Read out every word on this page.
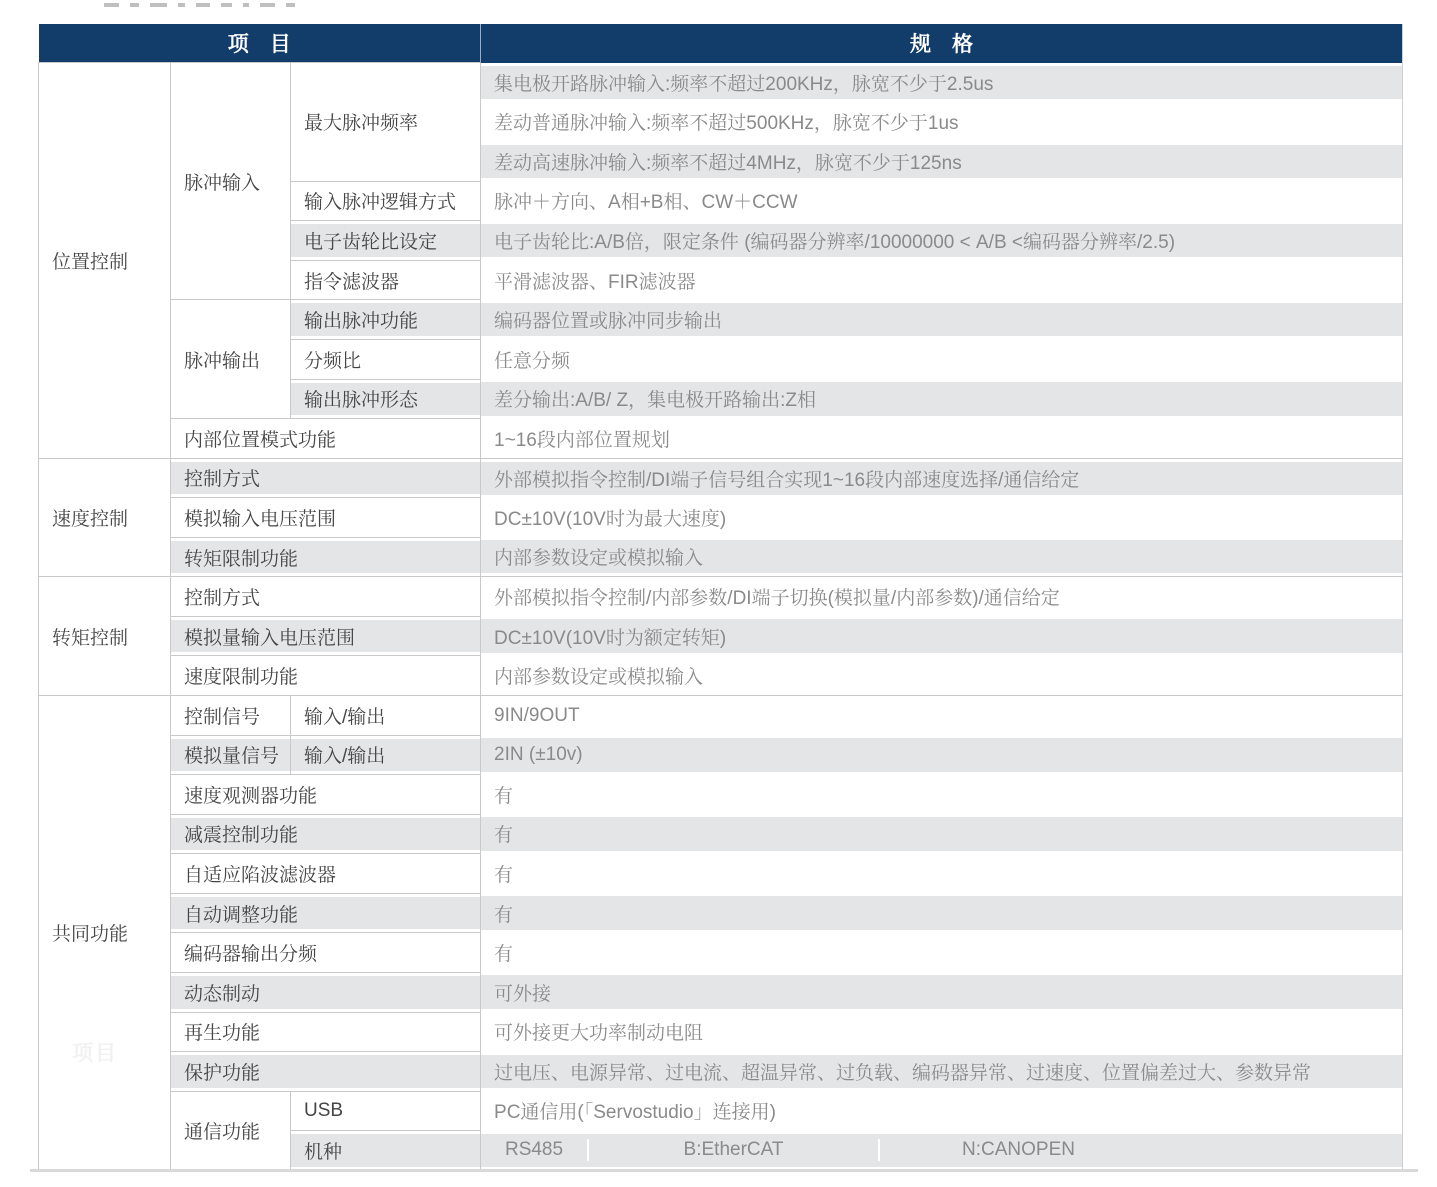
项　目			规　格
位置控制	脉冲输入	最大脉冲频率	集电极开路脉冲输入:频率不超过200KHz，脉宽不少于2.5us
			差动普通脉冲输入:频率不超过500KHz，脉宽不少于1us
			差动高速脉冲输入:频率不超过4MHz，脉宽不少于125ns
		输入脉冲逻辑方式	脉冲＋方向、A相+B相、CW＋CCW
		电子齿轮比设定	电子齿轮比:A/B倍，限定条件 (编码器分辨率/10000000 < A/B <编码器分辨率/2.5)
		指令滤波器	平滑滤波器、FIR滤波器
	脉冲输出	输出脉冲功能	编码器位置或脉冲同步输出
		分频比	任意分频
		输出脉冲形态	差分输出:A/B/ Z，集电极开路输出:Z相
	内部位置模式功能		1~16段内部位置规划
速度控制	控制方式		外部模拟指令控制/DI端子信号组合实现1~16段内部速度选择/通信给定
	模拟输入电压范围		DC±10V(10V时为最大速度)
	转矩限制功能		内部参数设定或模拟输入
转矩控制	控制方式		外部模拟指令控制/内部参数/DI端子切换(模拟量/内部参数)/通信给定
	模拟量输入电压范围		DC±10V(10V时为额定转矩)
	速度限制功能		内部参数设定或模拟输入
共同功能	控制信号	输入/输出	9IN/9OUT
	模拟量信号	输入/输出	2IN (±10v)
	速度观测器功能		有
	减震控制功能		有
	自适应陷波滤波器		有
	自动调整功能		有
	编码器输出分频		有
	动态制动		可外接
	再生功能		可外接更大功率制动电阻
	保护功能		过电压、电源异常、过电流、超温异常、过负载、编码器异常、过速度、位置偏差过大、参数异常
	通信功能	USB	PC通信用(「Servostudio」连接用)
		机种	RS485 B:EtherCAT N:CANOPEN
项目
